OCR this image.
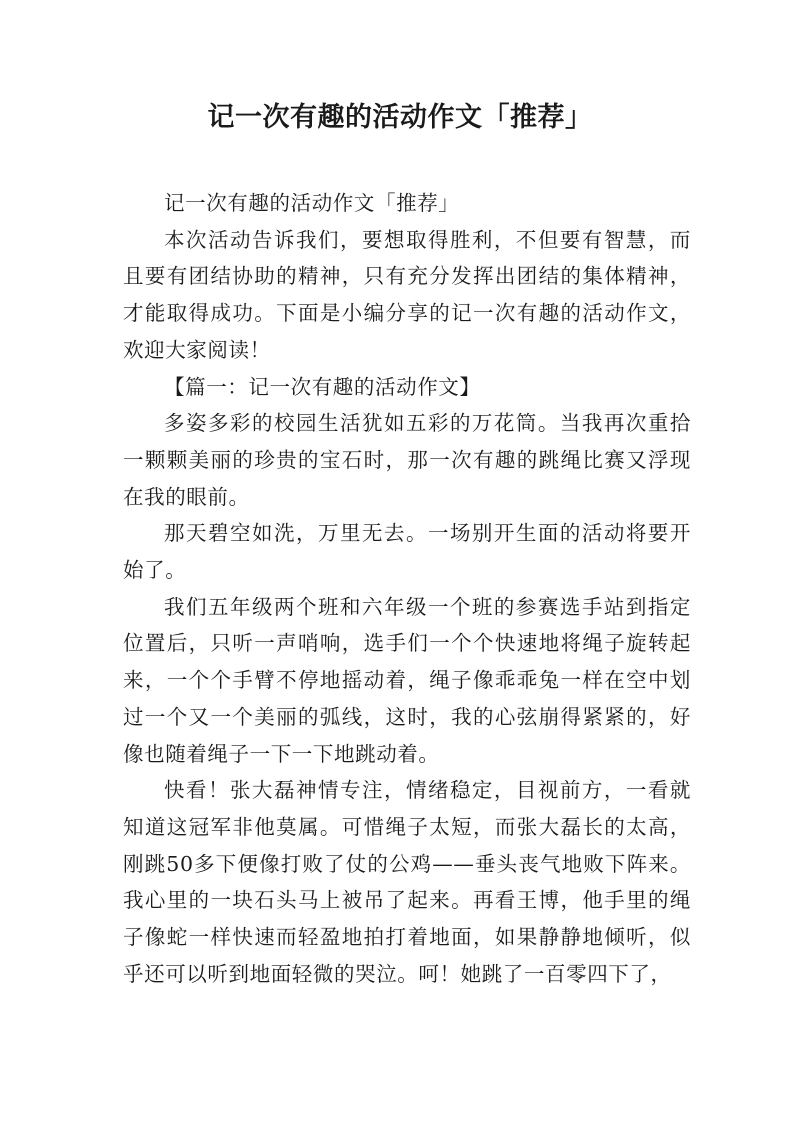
记一次有趣的活动作文「推荐」

记一次有趣的活动作文「推荐」

本次活动告诉我们，要想取得胜利，不但要有智慧，而且要有团结协助的精神，只有充分发挥出团结的集体精神，才能取得成功。下面是小编分享的记一次有趣的活动作文，欢迎大家阅读！

【篇一：记一次有趣的活动作文】

多姿多彩的校园生活犹如五彩的万花筒。当我再次重拾一颗颗美丽的珍贵的宝石时，那一次有趣的跳绳比赛又浮现在我的眼前。

那天碧空如洗，万里无去。一场别开生面的活动将要开始了。

我们五年级两个班和六年级一个班的参赛选手站到指定位置后，只听一声哨响，选手们一个个快速地将绳子旋转起来，一个个手臂不停地摇动着，绳子像乖乖兔一样在空中划过一个又一个美丽的弧线，这时，我的心弦崩得紧紧的，好像也随着绳子一下一下地跳动着。

快看！张大磊神情专注，情绪稳定，目视前方，一看就知道这冠军非他莫属。可惜绳子太短，而张大磊长的太高，刚跳50多下便像打败了仗的公鸡——垂头丧气地败下阵来。我心里的一块石头马上被吊了起来。再看王博，他手里的绳子像蛇一样快速而轻盈地拍打着地面，如果静静地倾听，似乎还可以听到地面轻微的哭泣。呵！她跳了一百零四下了，
